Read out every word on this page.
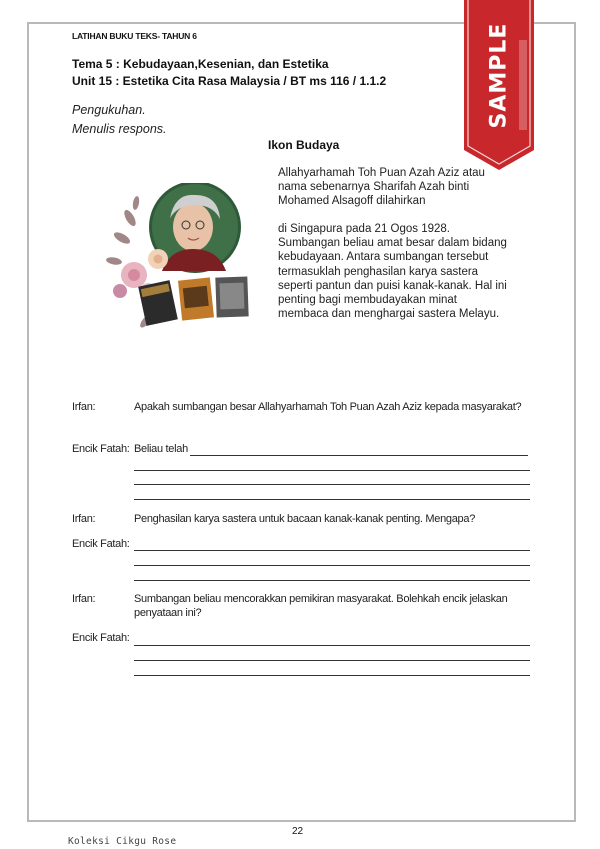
SAMPLE
LATIHAN BUKU TEKS- TAHUN 6
Tema 5 : Kebudayaan,Kesenian, dan Estetika
Unit 15 : Estetika Cita Rasa Malaysia / BT ms 116 / 1.1.2
Pengukuhan.
Menulis respons.
Ikon Budaya
Allahyarhamah Toh Puan Azah Aziz atau nama sebenarnya Sharifah Azah binti Mohamed Alsagoff dilahirkan
di Singapura pada 21 Ogos 1928. Sumbangan beliau amat besar dalam bidang kebudayaan. Antara sumbangan tersebut termasuklah penghasilan karya sastera seperti pantun dan puisi kanak-kanak. Hal ini penting bagi membudayakan minat membaca dan menghargai sastera Melayu.
Irfan:	Apakah sumbangan besar Allahyarhamah Toh Puan Azah Aziz kepada masyarakat?
Encik Fatah: Beliau telah
Irfan:	Penghasilan karya sastera untuk bacaan kanak-kanak penting. Mengapa?
Encik Fatah:
Irfan:	Sumbangan beliau mencorakkan pemikiran masyarakat. Bolehkah encik jelaskan penyataan ini?
Encik Fatah:
22
Koleksi Cikgu Rose
